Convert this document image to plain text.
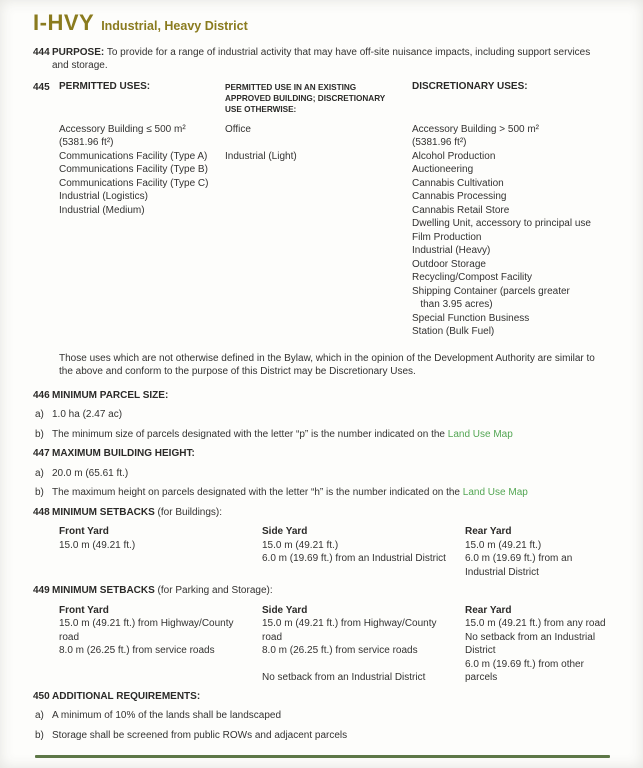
I-HVY Industrial, Heavy District
444 PURPOSE: To provide for a range of industrial activity that may have off-site nuisance impacts, including support services and storage.
445 PERMITTED USES:	PERMITTED USE IN AN EXISTING APPROVED BUILDING; DISCRETIONARY USE OTHERWISE:
DISCRETIONARY USES:
Accessory Building ≤ 500 m²
(5381.96 ft²)
Communications Facility (Type A)
Communications Facility (Type B)
Communications Facility (Type C)
Industrial (Logistics)
Industrial (Medium)
Office
Industrial (Light)
Accessory Building > 500 m²
(5381.96 ft²)
Alcohol Production
Auctioneering
Cannabis Cultivation
Cannabis Processing
Cannabis Retail Store
Dwelling Unit, accessory to principal use
Film Production
Industrial (Heavy)
Outdoor Storage
Recycling/Compost Facility
Shipping Container (parcels greater
than 3.95 acres)
Special Function Business
Station (Bulk Fuel)
Those uses which are not otherwise defined in the Bylaw, which in the opinion of the Development Authority are similar to the above and conform to the purpose of this District may be Discretionary Uses.
446 MINIMUM PARCEL SIZE:
a) 1.0 ha (2.47 ac)
b) The minimum size of parcels designated with the letter “p” is the number indicated on the Land Use Map
447 MAXIMUM BUILDING HEIGHT:
a) 20.0 m (65.61 ft.)
b) The maximum height on parcels designated with the letter “h” is the number indicated on the Land Use Map
448 MINIMUM SETBACKS (for Buildings):
Front Yard
15.0 m (49.21 ft.)
Side Yard
15.0 m (49.21 ft.)
6.0 m (19.69 ft.) from an Industrial District
Rear Yard
15.0 m (49.21 ft.)
6.0 m (19.69 ft.) from an Industrial District
449 MINIMUM SETBACKS (for Parking and Storage):
Front Yard
15.0 m (49.21 ft.) from Highway/County road
8.0 m (26.25 ft.) from service roads
Side Yard
15.0 m (49.21 ft.) from Highway/County road
8.0 m (26.25 ft.) from service roads
No setback from an Industrial District
Rear Yard
15.0 m (49.21 ft.) from any road
No setback from an Industrial District
6.0 m (19.69 ft.) from other parcels
450 ADDITIONAL REQUIREMENTS:
a) A minimum of 10% of the lands shall be landscaped
b) Storage shall be screened from public ROWs and adjacent parcels
